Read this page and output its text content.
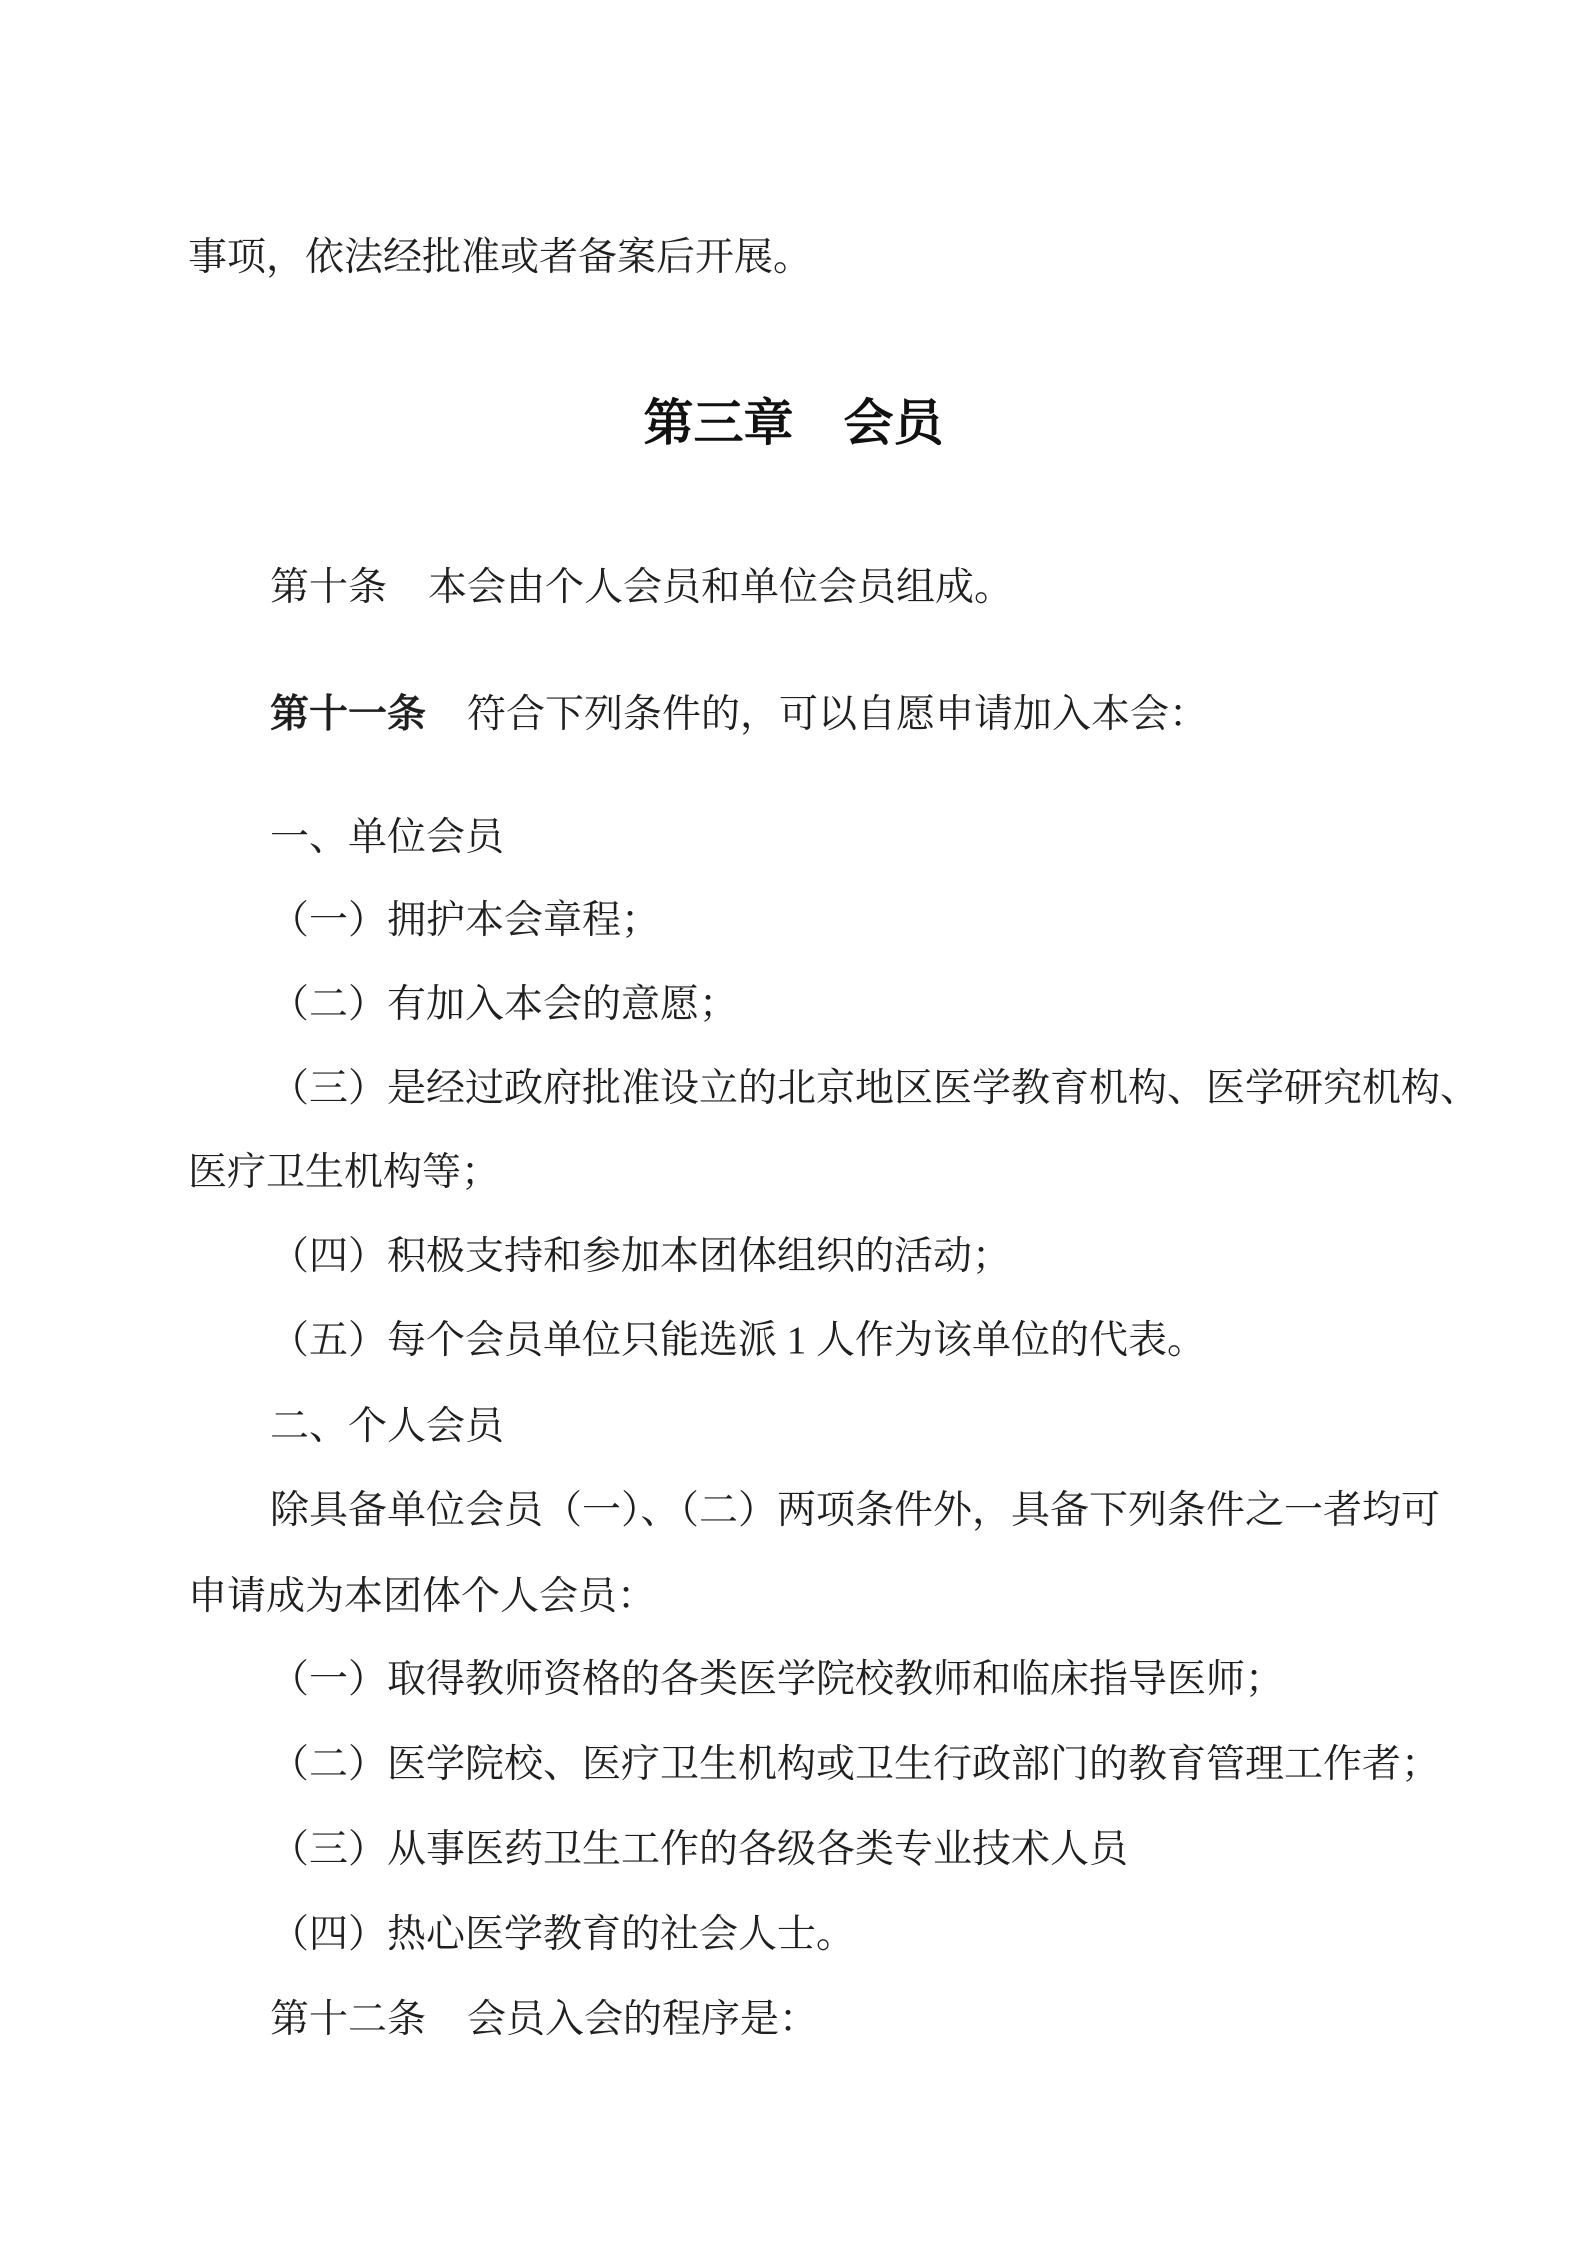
事项，依法经批准或者备案后开展。

第三章　会员

第十条 本会由个人会员和单位会员组成。

第十一条 符合下列条件的，可以自愿申请加入本会：

一、单位会员

（一）拥护本会章程；

（二）有加入本会的意愿；

（三）是经过政府批准设立的北京地区医学教育机构、医学研究机构、

医疗卫生机构等；

（四）积极支持和参加本团体组织的活动；

（五）每个会员单位只能选派 1 人作为该单位的代表。

二、个人会员

除具备单位会员（一）、（二）两项条件外，具备下列条件之一者均可

申请成为本团体个人会员：

（一）取得教师资格的各类医学院校教师和临床指导医师；

（二）医学院校、医疗卫生机构或卫生行政部门的教育管理工作者；

（三）从事医药卫生工作的各级各类专业技术人员

（四）热心医学教育的社会人士。

第十二条 会员入会的程序是：
